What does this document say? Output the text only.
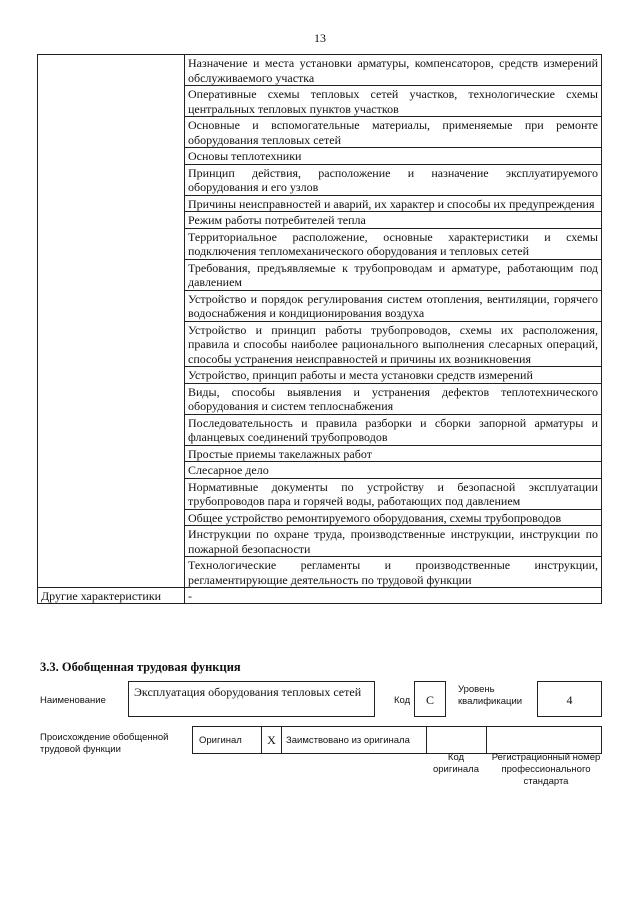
13
	Назначение и места установки арматуры, компенсаторов, средств измерений обслуживаемого участка
	Оперативные схемы тепловых сетей участков, технологические схемы центральных тепловых пунктов участков
	Основные и вспомогательные материалы, применяемые при ремонте оборудования тепловых сетей
	Основы теплотехники
	Принцип действия, расположение и назначение эксплуатируемого оборудования и его узлов
	Причины неисправностей и аварий, их характер и способы их предупреждения
	Режим работы потребителей тепла
	Территориальное расположение, основные характеристики и схемы подключения тепломеханического оборудования и тепловых сетей
	Требования, предъявляемые к трубопроводам и арматуре, работающим под давлением
	Устройство и порядок регулирования систем отопления, вентиляции, горячего водоснабжения и кондиционирования воздуха
	Устройство и принцип работы трубопроводов, схемы их расположения, правила и способы наиболее рационального выполнения слесарных операций, способы устранения неисправностей и причины их возникновения
	Устройство, принцип работы и места установки средств измерений
	Виды, способы выявления и устранения дефектов теплотехнического оборудования и систем теплоснабжения
	Последовательность и правила разборки и сборки запорной арматуры и фланцевых соединений трубопроводов
	Простые приемы такелажных работ
	Слесарное дело
	Нормативные документы по устройству и безопасной эксплуатации трубопроводов пара и горячей воды, работающих под давлением
	Общее устройство ремонтируемого оборудования, схемы трубопроводов
	Инструкции по охране труда, производственные инструкции, инструкции по пожарной безопасности
	Технологические регламенты и производственные инструкции, регламентирующие деятельность по трудовой функции
Другие характеристики	-
3.3. Обобщенная трудовая функция
Наименование
Эксплуатация оборудования тепловых сетей
Код	C
Уровень квалификации	4
Происхождение обобщенной трудовой функции
Оригинал	X	Заимствовано из оригинала
Код оригинала
Регистрационный номер профессионального стандарта
